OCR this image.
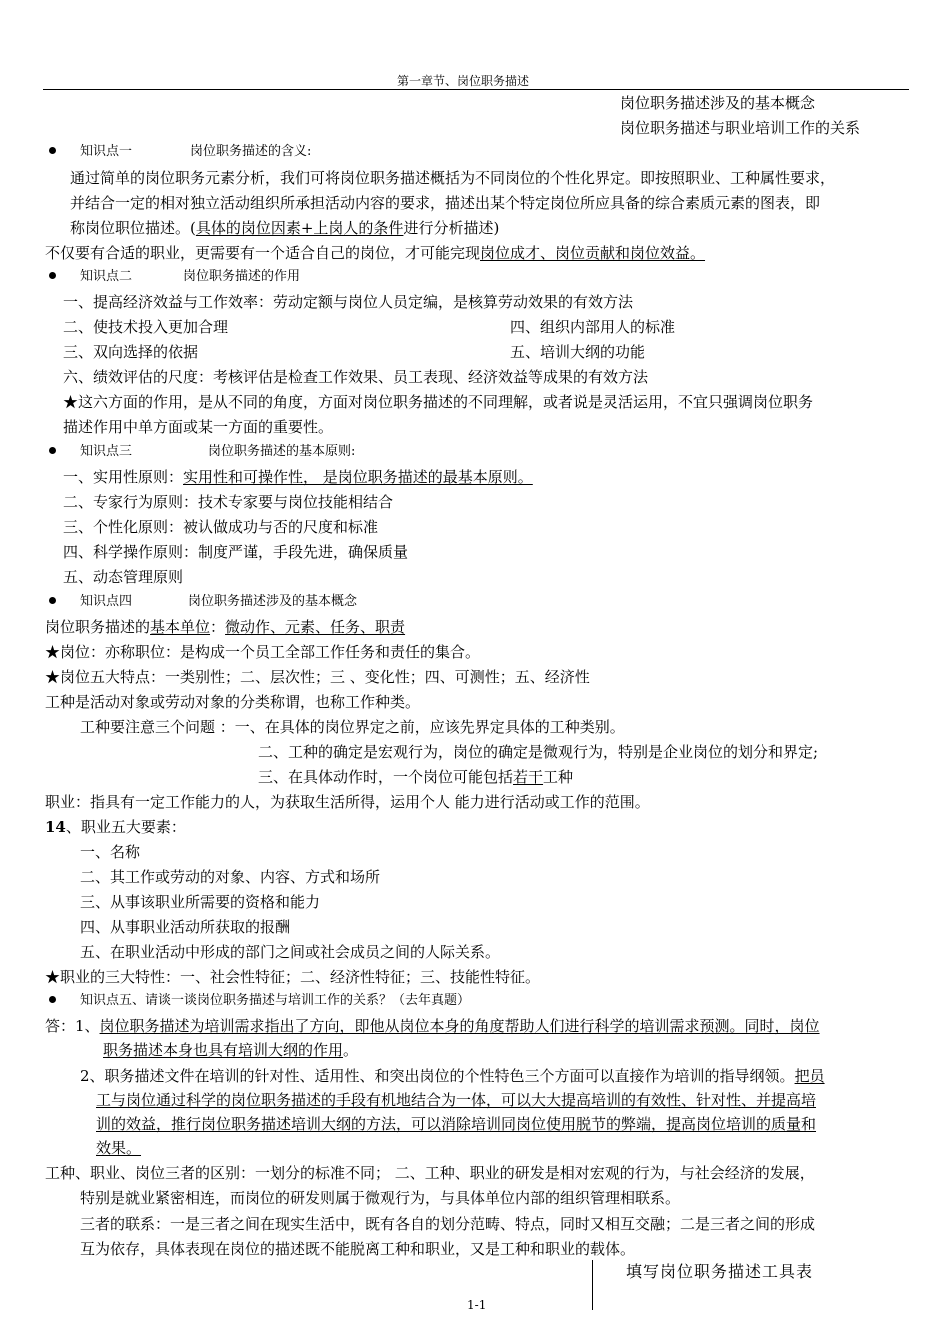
第一章节、岗位职务描述
岗位职务描述涉及的基本概念
岗位职务描述与职业培训工作的关系
知识点一	岗位职务描述的含义:
通过简单的岗位职务元素分析，我们可将岗位职务描述概括为不同岗位的个性化界定。即按照职业、工种属性要求，
并结合一定的相对独立活动组织所承担活动内容的要求，描述出某个特定岗位所应具备的综合素质元素的图表，即
称岗位职位描述。(具体的岗位因素+上岗人的条件进行分析描述)
不仅要有合适的职业，更需要有一个适合自己的岗位，才可能完现岗位成才、岗位贡献和岗位效益。
知识点二	岗位职务描述的作用
一、提高经济效益与工作效率：劳动定额与岗位人员定编，是核算劳动效果的有效方法
二、使技术投入更加合理	四、组织内部用人的标准
三、双向选择的依据	五、培训大纲的功能
六、绩效评估的尺度：考核评估是检查工作效果、员工表现、经济效益等成果的有效方法
★这六方面的作用，是从不同的角度，方面对岗位职务描述的不同理解，或者说是灵活运用，不宜只强调岗位职务
描述作用中单方面或某一方面的重要性。
知识点三	岗位职务描述的基本原则:
一、实用性原则：实用性和可操作性， 是岗位职务描述的最基本原则。
二、专家行为原则：技术专家要与岗位技能相结合
三、个性化原则：被认做成功与否的尺度和标准
四、科学操作原则：制度严谨，手段先进，确保质量
五、动态管理原则
知识点四	岗位职务描述涉及的基本概念
岗位职务描述的基本单位：微动作、元素、任务、职责
★岗位：亦称职位：是构成一个员工全部工作任务和责任的集合。
★岗位五大特点：一类别性；二、层次性；三 、变化性；四、可测性；五、经济性
工种是活动对象或劳动对象的分类称谓，也称工作种类。
工种要注意三个问题 ：一、在具体的岗位界定之前，应该先界定具体的工种类别。
二、工种的确定是宏观行为，岗位的确定是微观行为，特别是企业岗位的划分和界定;
三、在具体动作时，一个岗位可能包括若干工种
职业：指具有一定工作能力的人，为获取生活所得，运用个人 能力进行活动或工作的范围。
14、职业五大要素：
一、名称
二、其工作或劳动的对象、内容、方式和场所
三、从事该职业所需要的资格和能力
四、从事职业活动所获取的报酬
五、在职业活动中形成的部门之间或社会成员之间的人际关系。
★职业的三大特性：一、社会性特征；二、经济性特征；三、技能性特征。
知识点五、请谈一谈岗位职务描述与培训工作的关系？（去年真题）
答：1、岗位职务描述为培训需求指出了方向，即他从岗位本身的角度帮助人们进行科学的培训需求预测。同时，岗位
职务描述本身也具有培训大纲的作用。
2、职务描述文件在培训的针对性、适用性、和突出岗位的个性特色三个方面可以直接作为培训的指导纲领。把员
工与岗位通过科学的岗位职务描述的手段有机地结合为一体，可以大大提高培训的有效性、针对性、并提高培
训的效益，推行岗位职务描述培训大纲的方法，可以消除培训同岗位使用脱节的弊端，提高岗位培训的质量和
效果。
工种、职业、岗位三者的区别：一划分的标准不同； 二、工种、职业的研发是相对宏观的行为，与社会经济的发展，
特别是就业紧密相连，而岗位的研发则属于微观行为，与具体单位内部的组织管理相联系。
三者的联系：一是三者之间在现实生活中，既有各自的划分范畴、特点，同时又相互交融；二是三者之间的形成
互为依存，具体表现在岗位的描述既不能脱离工种和职业，又是工种和职业的载体。
填写岗位职务描述工具表
1-1
